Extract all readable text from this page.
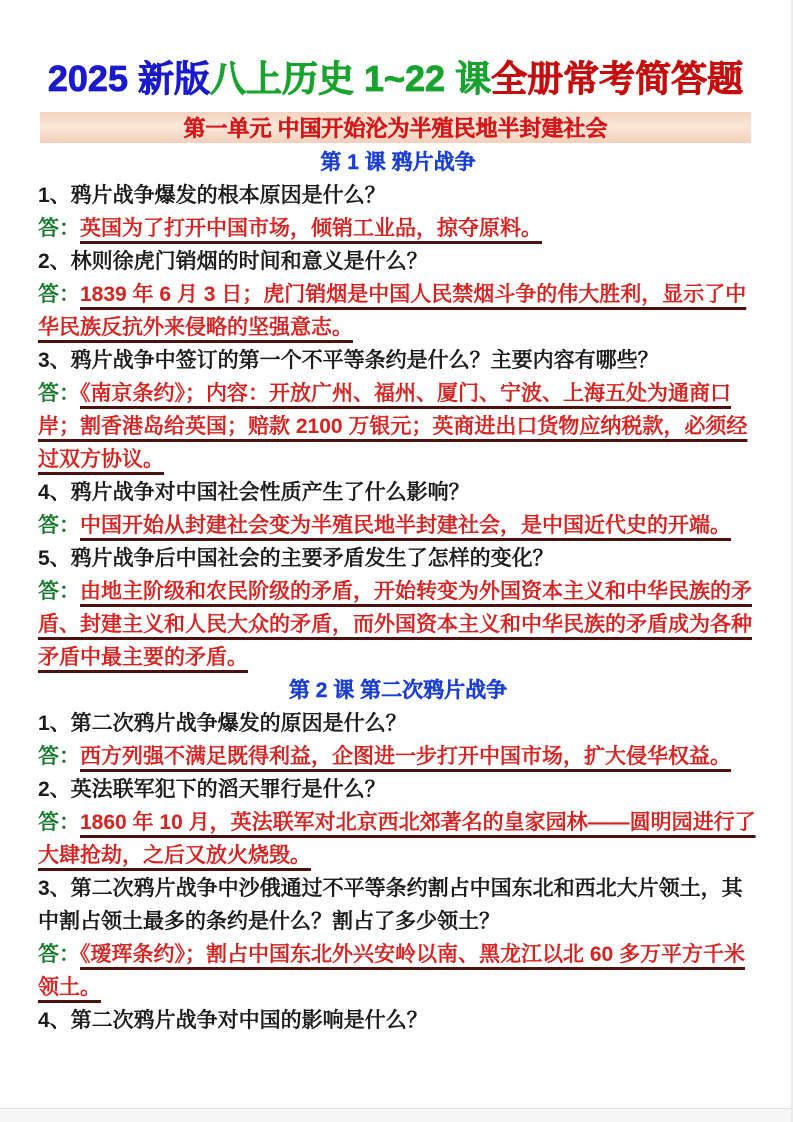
2025 新版八上历史 1~22 课全册常考简答题
第一单元 中国开始沦为半殖民地半封建社会
第 1 课 鸦片战争

1、鸦片战争爆发的根本原因是什么？

答：英国为了打开中国市场，倾销工业品，掠夺原料。

2、林则徐虎门销烟的时间和意义是什么？

答：1839 年 6 月 3 日；虎门销烟是中国人民禁烟斗争的伟大胜利，显示了中华民族反抗外来侵略的坚强意志。

3、鸦片战争中签订的第一个不平等条约是什么？主要内容有哪些？

答：《南京条约》；内容：开放广州、福州、厦门、宁波、上海五处为通商口岸；割香港岛给英国；赔款 2100 万银元；英商进出口货物应纳税款，必须经过双方协议。

4、鸦片战争对中国社会性质产生了什么影响？

答：中国开始从封建社会变为半殖民地半封建社会，是中国近代史的开端。

5、鸦片战争后中国社会的主要矛盾发生了怎样的变化？

答：由地主阶级和农民阶级的矛盾，开始转变为外国资本主义和中华民族的矛盾、封建主义和人民大众的矛盾，而外国资本主义和中华民族的矛盾成为各种矛盾中最主要的矛盾。

第 2 课 第二次鸦片战争

1、第二次鸦片战争爆发的原因是什么？

答：西方列强不满足既得利益，企图进一步打开中国市场，扩大侵华权益。

2、英法联军犯下的滔天罪行是什么？

答：1860 年 10 月，英法联军对北京西北郊著名的皇家园林——圆明园进行了大肆抢劫，之后又放火烧毁。

3、第二次鸦片战争中沙俄通过不平等条约割占中国东北和西北大片领土，其中割占领土最多的条约是什么？割占了多少领土？

答：《瑷珲条约》；割占中国东北外兴安岭以南、黑龙江以北 60 多万平方千米领土。

4、第二次鸦片战争对中国的影响是什么？
